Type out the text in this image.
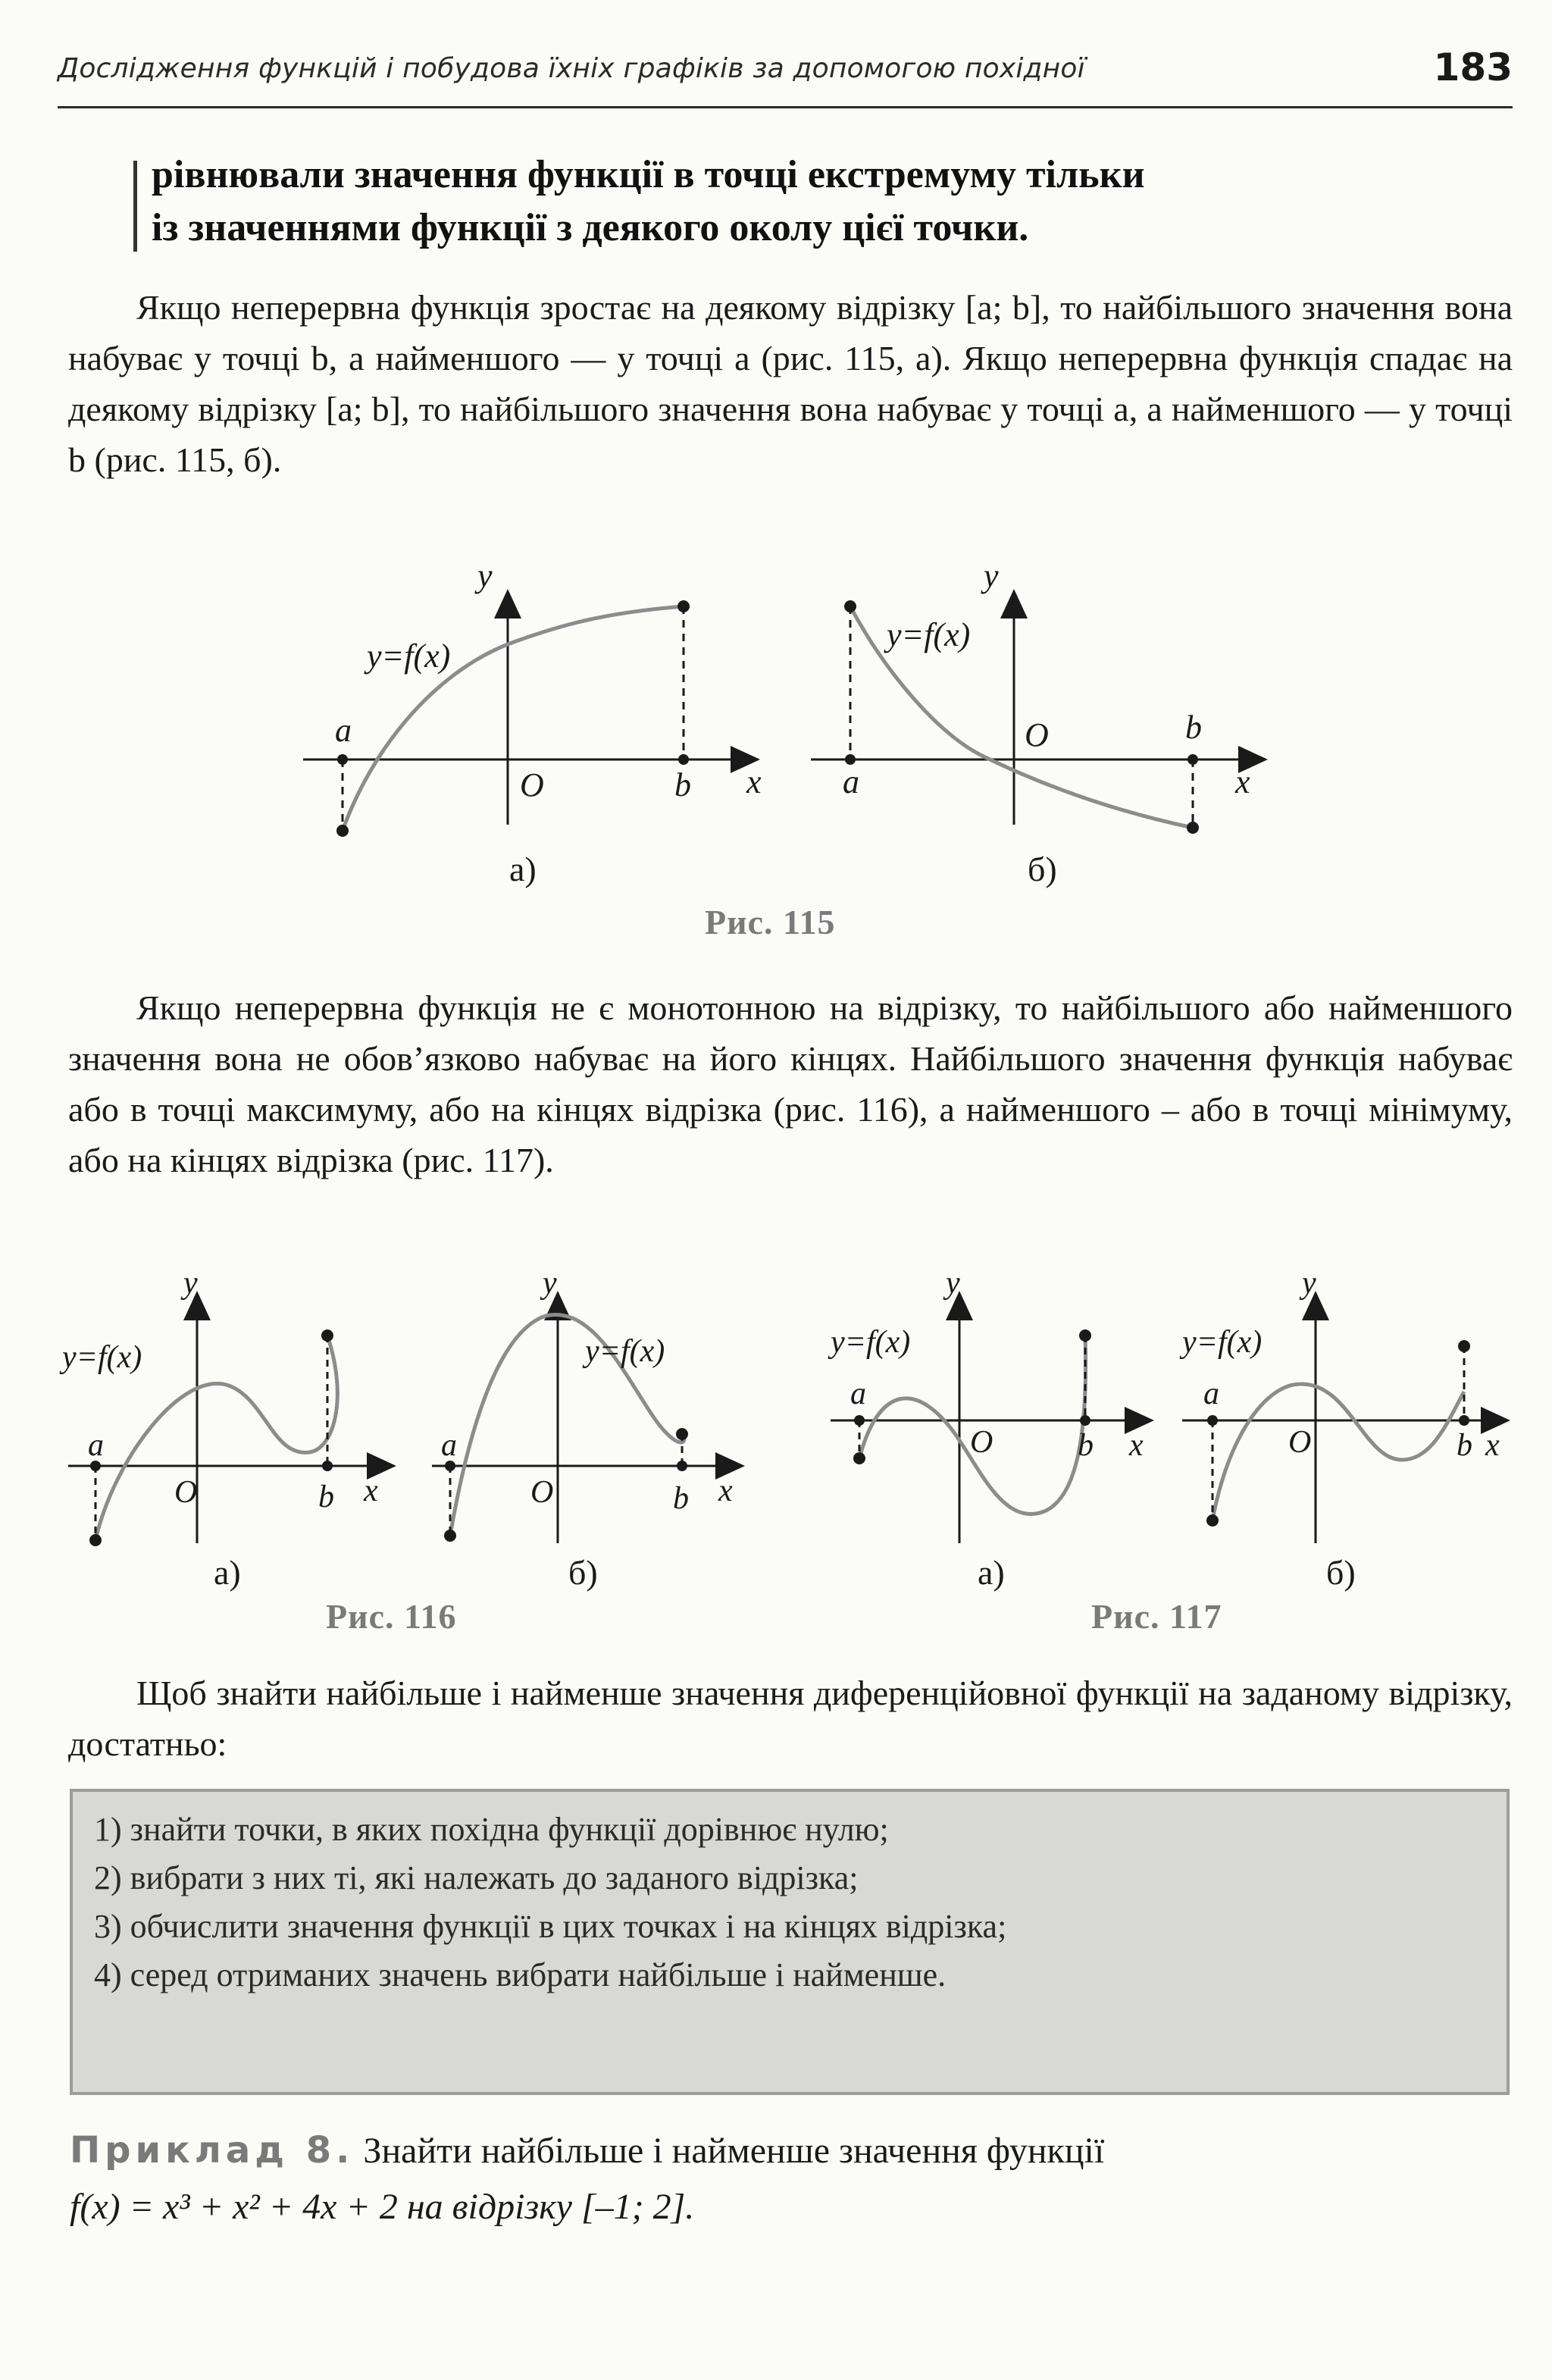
Дослідження функцій і побудова їхніх графіків за допомогою похідної	183
рівнювали значення функції в точці екстремуму тільки
із значеннями функції з деякого околу цієї точки.

Якщо неперервна функція зростає на деякому відрізку [a; b], то найбільшого значення вона набуває у точці b, а найменшого — у точці a (рис. 115, а). Якщо неперервна функція спадає на деякому відрізку [a; b], то найбільшого значення вона набуває у точці a, а найменшого — у точці b (рис. 115, б).

a
b x
y
O
y=f(x)
a
b
x
y
O
y=f(x)
а)	б)
Рис. 115

Якщо неперервна функція не є монотонною на відрізку, то найбільшого або найменшого значення вона не обов’язково набуває на його кінцях. Найбільшого значення функція набуває або в точці максимуму, або на кінцях відрізка (рис. 116), а найменшого – або в точці мінімуму, або на кінцях відрізка (рис. 117).

a
b x
y
O
y=f(x)
a
b x
y
O
y=f(x)
a
b x
y
O
y=f(x)
a
b x
y
O
y=f(x)
а)	б)	а)	б)
Рис. 116	Рис. 117

Щоб знайти найбільше і найменше значення диференційовної функції на заданому відрізку, достатньо:

1) знайти точки, в яких похідна функції дорівнює нулю;
2) вибрати з них ті, які належать до заданого відрізка;
3) обчислити значення функції в цих точках і на кінцях відрізка;
4) серед отриманих значень вибрати найбільше і найменше.
Приклад 8. Знайти найбільше і найменше значення функції
f(x) = x³ + x² + 4x + 2 на відрізку [–1; 2].
